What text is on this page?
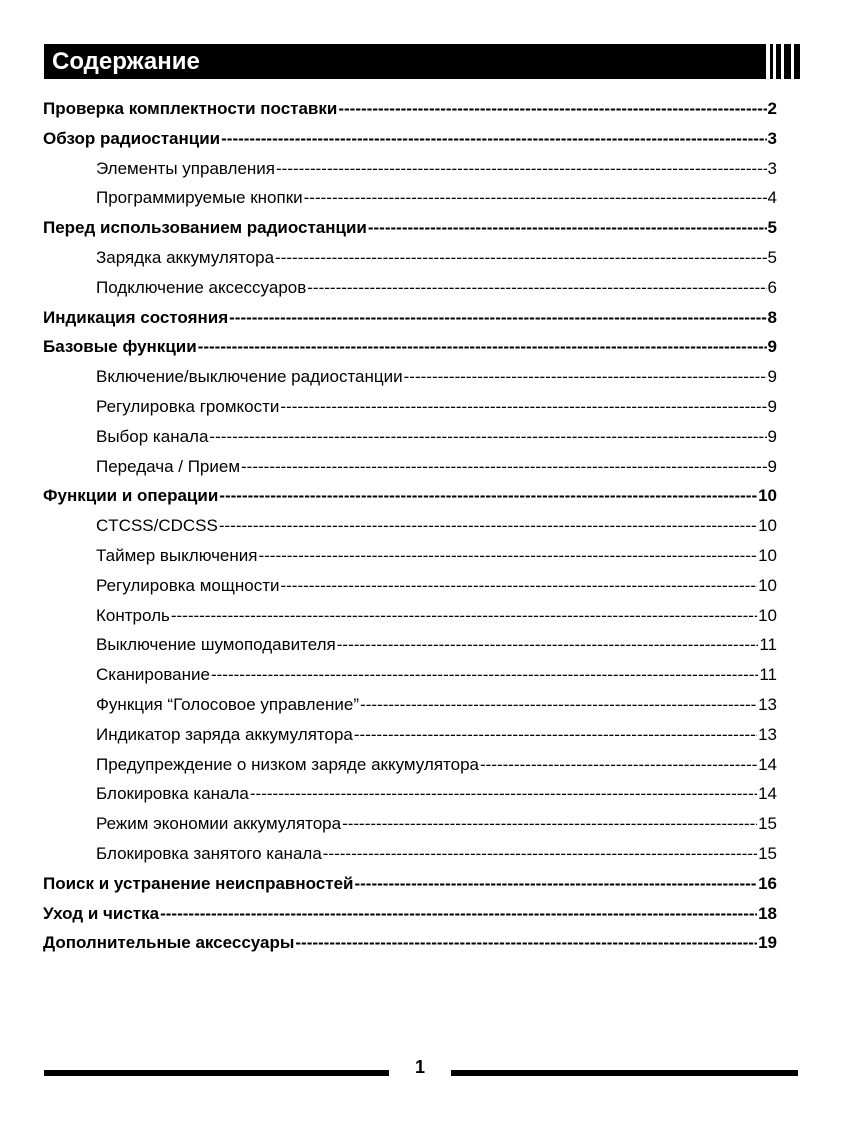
Содержание
Проверка комплектности поставки -----	2
Обзор радиостанции -----	3
Элементы управления -----	3
Программируемые кнопки -----	4
Перед использованием радиостанции -----	5
Зарядка аккумулятора -----	5
Подключение аксессуаров -----	6
Индикация состояния -----	8
Базовые функции -----	9
Включение/выключение радиостанции -----	9
Регулировка громкости -----	9
Выбор канала -----	9
Передача / Прием -----	9
Функции и операции -----	10
CTCSS/CDCSS -----	10
Таймер выключения -----	10
Регулировка мощности -----	10
Контроль -----	10
Выключение шумоподавителя -----	11
Сканирование -----	11
Функция “Голосовое управление” -----	13
Индикатор заряда аккумулятора -----	13
Предупреждение о низком заряде аккумулятора -----	14
Блокировка канала -----	14
Режим экономии аккумулятора -----	15
Блокировка занятого канала -----	15
Поиск и устранение неисправностей -----	16
Уход и чистка -----	18
Дополнительные аксессуары -----	19
1
